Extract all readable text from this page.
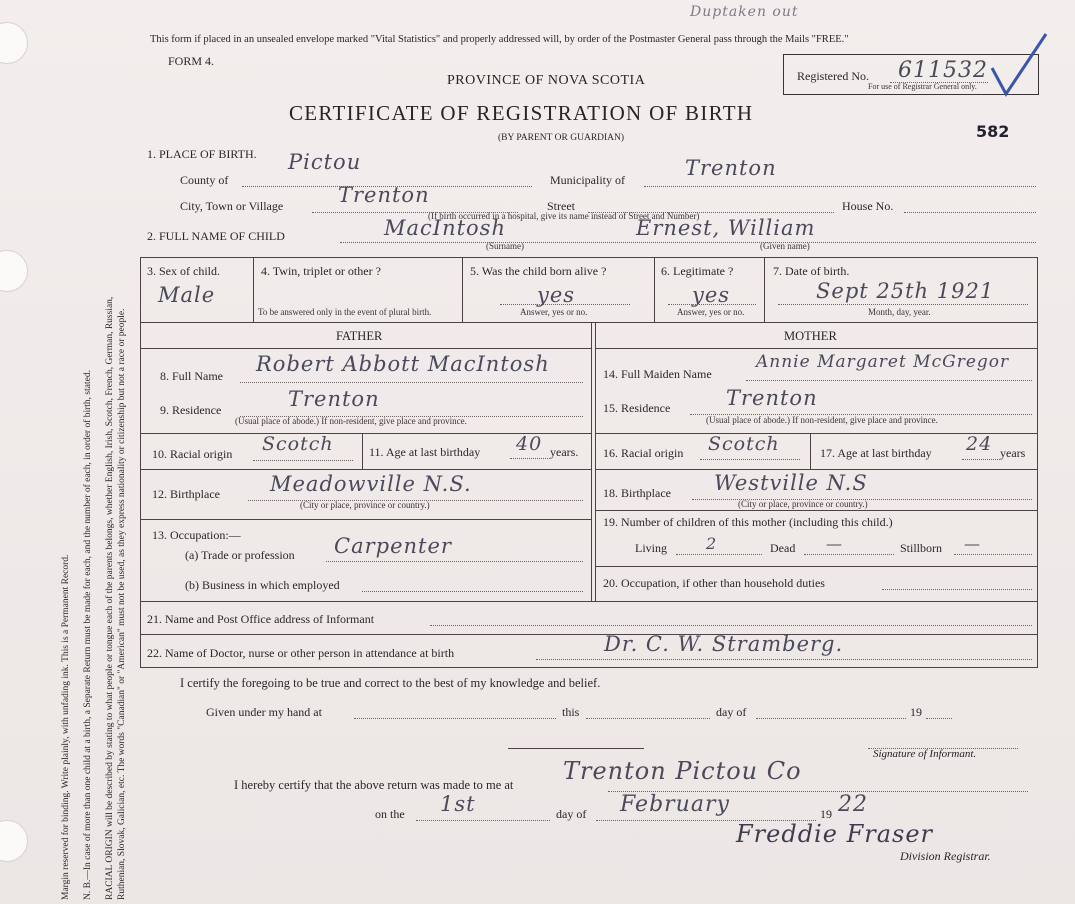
Margin reserved for binding. Write plainly, with unfading ink. This is a Permanent Record. N. B.—In case of more than one child at a birth, a Separate Return must be made for each, and the number of each, in order of birth, stated. RACIAL ORIGIN will be described by stating to what people or tongue each of the parents belongs, whether English, Irish, Scotch, French, German, Russian, Ruthenian, Slovak, Galician, etc. The words "Canadian" or "American" must not be used, as they express nationality or citizenship but not a race or people.
Duptaken out
This form if placed in an unsealed envelope marked "Vital Statistics" and properly addressed will, by order of the Postmaster General pass through the Mails "FREE."
FORM 4.
PROVINCE OF NOVA SCOTIA
CERTIFICATE OF REGISTRATION OF BIRTH
(BY PARENT OR GUARDIAN)
Registered No. 611532
For use of Registrar General only.
582
1. PLACE OF BIRTH.
County of
Pictou
Municipality of	Trenton
City, Town or Village	Trenton	Street	House No.
(If birth occurred in a hospital, give its name instead of Street and Number)
2. FULL NAME OF CHILD	MacIntosh	Ernest, William
(Surname)	(Given name)
3. Sex of child.
Male
4. Twin, triplet or other ?
To be answered only in the event of plural birth.
5. Was the child born alive ?
yes
Answer, yes or no.
6. Legitimate ?
yes
Answer, yes or no.
7. Date of birth.
Sept 25th 1921
Month, day, year.
FATHER
8. Full Name Robert Abbott MacIntosh
9. Residence	Trenton
(Usual place of abode.) If non-resident, give place and province.
10. Racial origin Scotch	11. Age at last birthday 40 years.
12. Birthplace Meadowville N.S.
(City or place, province or country.)
13. Occupation:—
(a) Trade or profession Carpenter
(b) Business in which employed
MOTHER
14. Full Maiden Name
Annie Margaret McGregor
15. Residence	Trenton
(Usual place of abode.) If non-resident, give place and province.
16. Racial origin Scotch	17. Age at last birthday 24 years
18. Birthplace Westville N.S
(City or place, province or country.)
19. Number of children of this mother (including this child.)
Living 2	Dead —	Stillborn —
20. Occupation, if other than household duties
21. Name and Post Office address of Informant
22. Name of Doctor, nurse or other person in attendance at birth	Dr. C. W. Stramberg.
I certify the foregoing to be true and correct to the best of my knowledge and belief.
Given under my hand at	this	day of	19
Signature of Informant.
I hereby certify that the above return was made to me at Trenton Pictou Co
on the 1st	day of February	19 22
Freddie Fraser
Division Registrar.
